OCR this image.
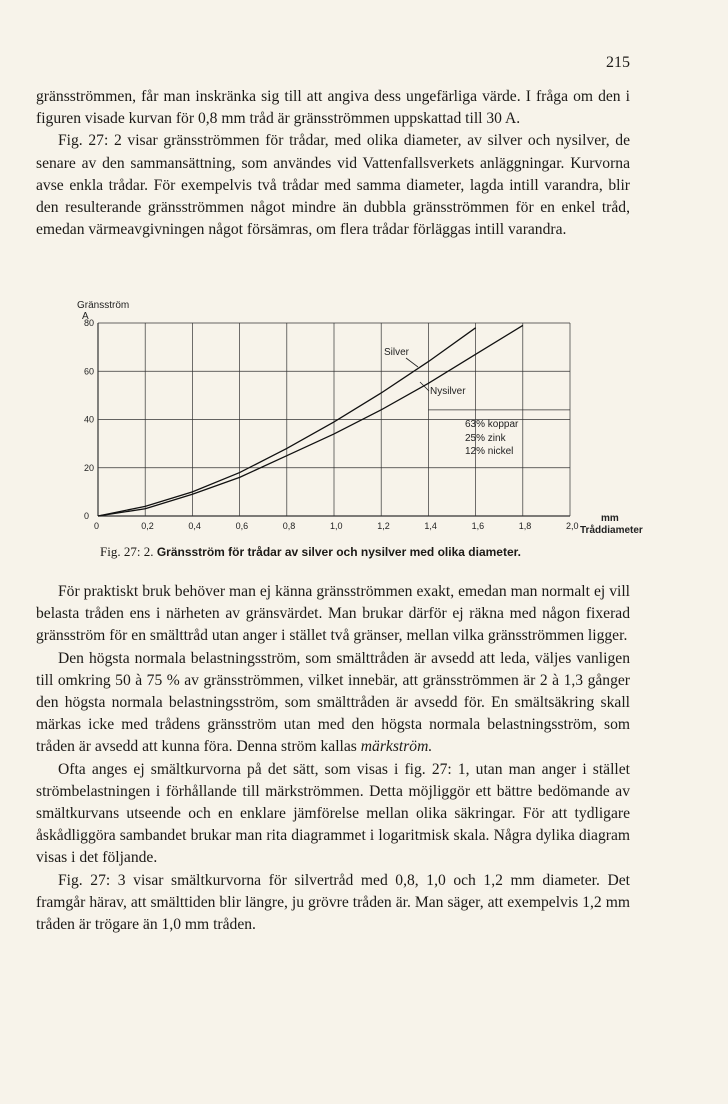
215

gränsströmmen, får man inskränka sig till att angiva dess ungefärliga värde. I fråga om den i figuren visade kurvan för 0,8 mm tråd är gränsströmmen uppskattad till 30 A.

Fig. 27: 2 visar gränsströmmen för trådar, med olika diameter, av silver och nysilver, de senare av den sammansättning, som användes vid Vattenfallsverkets anläggningar. Kurvorna avse enkla trådar. För exempelvis två trådar med samma diameter, lagda intill varandra, blir den resulterande gränsströmmen något mindre än dubbla gränsströmmen för en enkel tråd, emedan värmeavgivningen något försämras, om flera trådar förläggas intill varandra.

0	0,2	0,4	0,6	0,8	1,0	1,2	1,4	1,6	1,8	2,0
0
20
40
60
80
Gränsström
A
mm
Tråddiameter
Silver
Nysilver
63% koppar
25% zink
12% nickel
Fig. 27: 2. Gränsström för trådar av silver och nysilver med olika diameter.

För praktiskt bruk behöver man ej känna gränsströmmen exakt, emedan man normalt ej vill belasta tråden ens i närheten av gränsvärdet. Man brukar därför ej räkna med någon fixerad gränsström för en smälttråd utan anger i stället två gränser, mellan vilka gränsströmmen ligger.

Den högsta normala belastningsström, som smälttråden är avsedd att leda, väljes vanligen till omkring 50 à 75 % av gränsströmmen, vilket innebär, att gränsströmmen är 2 à 1,3 gånger den högsta normala belastningsström, som smälttråden är avsedd för. En smältsäkring skall märkas icke med trådens gränsström utan med den högsta normala belastningsström, som tråden är avsedd att kunna föra. Denna ström kallas märkström.

Ofta anges ej smältkurvorna på det sätt, som visas i fig. 27: 1, utan man anger i stället strömbelastningen i förhållande till märkströmmen. Detta möjliggör ett bättre bedömande av smältkurvans utseende och en enklare jämförelse mellan olika säkringar. För att tydligare åskådliggöra sambandet brukar man rita diagrammet i logaritmisk skala. Några dylika diagram visas i det följande.

Fig. 27: 3 visar smältkurvorna för silvertråd med 0,8, 1,0 och 1,2 mm diameter. Det framgår härav, att smälttiden blir längre, ju grövre tråden är. Man säger, att exempelvis 1,2 mm tråden är trögare än 1,0 mm tråden.
